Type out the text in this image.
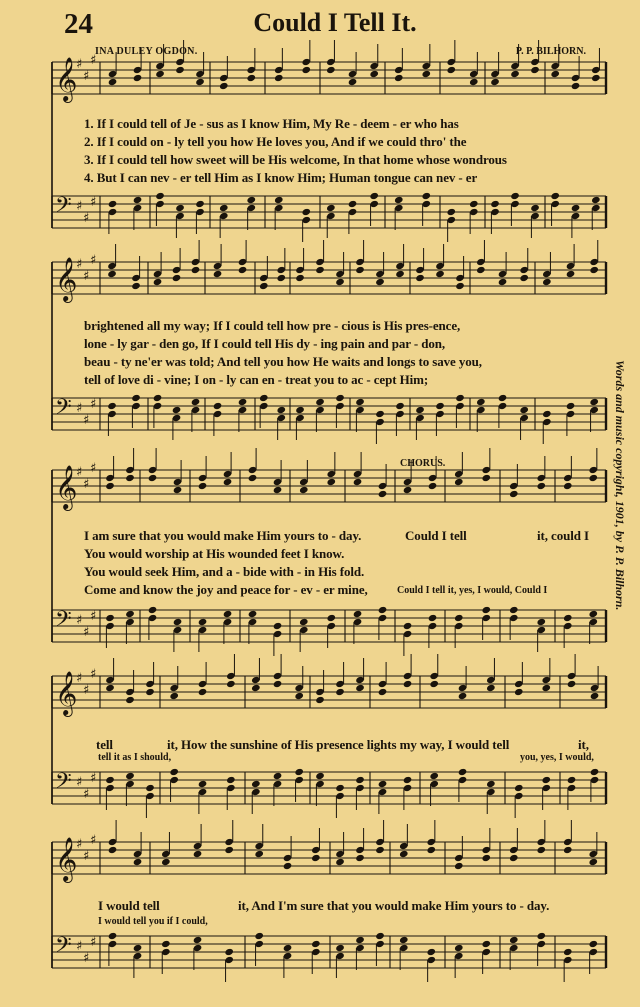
𝄞
♯
♯
♯
𝄢 ♯
♯
♯
𝄞
♯
♯
♯
𝄢 ♯
♯
♯
𝄞
♯
♯
♯
𝄢 ♯
♯
♯
𝄞
♯
♯
♯
𝄢 ♯
♯
♯
𝄞
♯
♯
♯
𝄢 ♯
♯
♯
24	Could I Tell It.
INA DULEY OGDON.	P. P. BILHORN.
Words and music copyright, 1901, by P. P. Bilhorn.
CHORUS.
1. If I could tell of Je - sus as I know Him, My Re - deem - er who has
2. If I could on - ly tell you how He loves you, And if we could thro' the
3. If I could tell how sweet will be His welcome, In that home whose wondrous
4. But I can nev - er tell Him as I know Him; Human tongue can nev - er
brightened all my way; If I could tell how pre - cious is His pres-ence,
lone - ly gar - den go, If I could tell His dy - ing pain and par - don,
beau - ty ne'er was told; And tell you how He waits and longs to save you,
tell of love di - vine; I on - ly can en - treat you to ac - cept Him;
I am sure that you would make Him yours to - day.
You would worship at His wounded feet I know.
You would seek Him, and a - bide with - in His fold.
Come and know the joy and peace for - ev - er mine,
Could I tell	it, could I
Could I tell it, yes, I would, Could I
tell	it, How the sunshine of His presence lights my way, I would tell	it,
tell it as I should,	you, yes, I would,
I would tell	it, And I'm sure that you would make Him yours to - day.
I would tell you if I could,
